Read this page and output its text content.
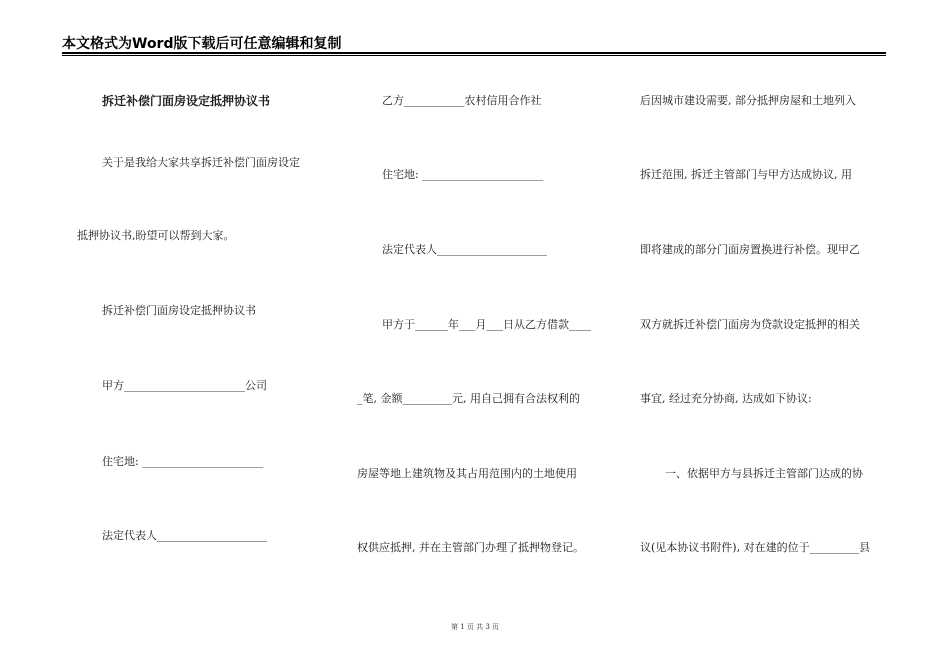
本文格式为Word版下载后可任意编辑和复制
拆迁补偿门面房设定抵押协议书
关于是我给大家共享拆迁补偿门面房设定
抵押协议书,盼望可以帮到大家。
拆迁补偿门面房设定抵押协议书
甲方______________________公司
住宅地: ______________________
法定代表人____________________
乙方___________农村信用合作社
住宅地: ______________________
法定代表人____________________
甲方于______年___月___日从乙方借款____
_笔, 金额_________元, 用自己拥有合法权利的
房屋等地上建筑物及其占用范围内的土地使用
权供应抵押, 并在主管部门办理了抵押物登记。
后因城市建设需要, 部分抵押房屋和土地列入
拆迁范围, 拆迁主管部门与甲方达成协议, 用
即将建成的部分门面房置换进行补偿。现甲乙
双方就拆迁补偿门面房为贷款设定抵押的相关
事宜, 经过充分协商, 达成如下协议:
一、依据甲方与县拆迁主管部门达成的协
议(见本协议书附件), 对在建的位于_________县
第 1 页 共 3 页
